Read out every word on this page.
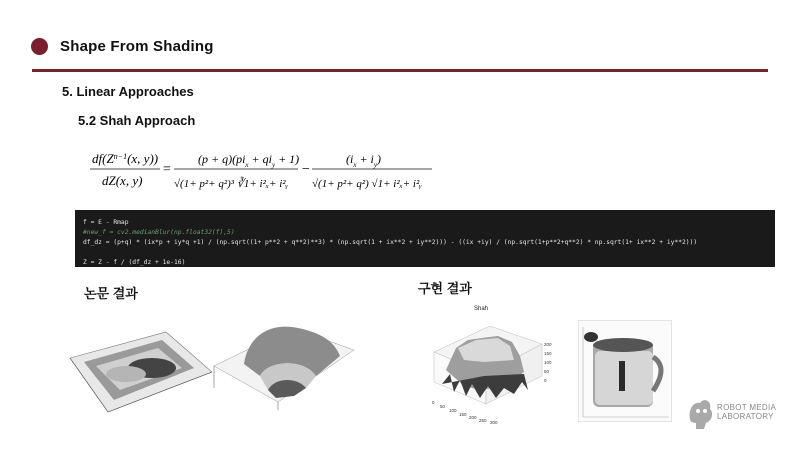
Shape From Shading
5. Linear Approaches
5.2 Shah Approach
$df(Z^{n-1}(x$, y))
dZ(x, y)
=
$(p + q)(pi_x + qi_y + 1)$
√(1+ p²+ q²)³ ∛1+ i²ₓ+ i²ᵧ
−
$(i_x + i_y)$
√(1+ p²+ q²) √1+ i²ₓ+ i²ᵧ
f = E - Rmap
#new_f = cv2.medianBlur(np.float32(f),5)
df_dz = (p+q) * (ix*p + iy*q +1) / (np.sqrt((1+ p**2 + q**2)**3) * (np.sqrt(1 + ix**2 + iy**2))) - ((ix +iy) / (np.sqrt(1+p**2+q**2) * np.sqrt(1+ ix**2 + iy**2)))

Z = Z - f / (df_dz + 1e-16)
논문 결과	구현 결과
Shah
200
150
100
50
0
0
50
100
150
200
250 300
ROBOT MEDIA
LABORATORY
